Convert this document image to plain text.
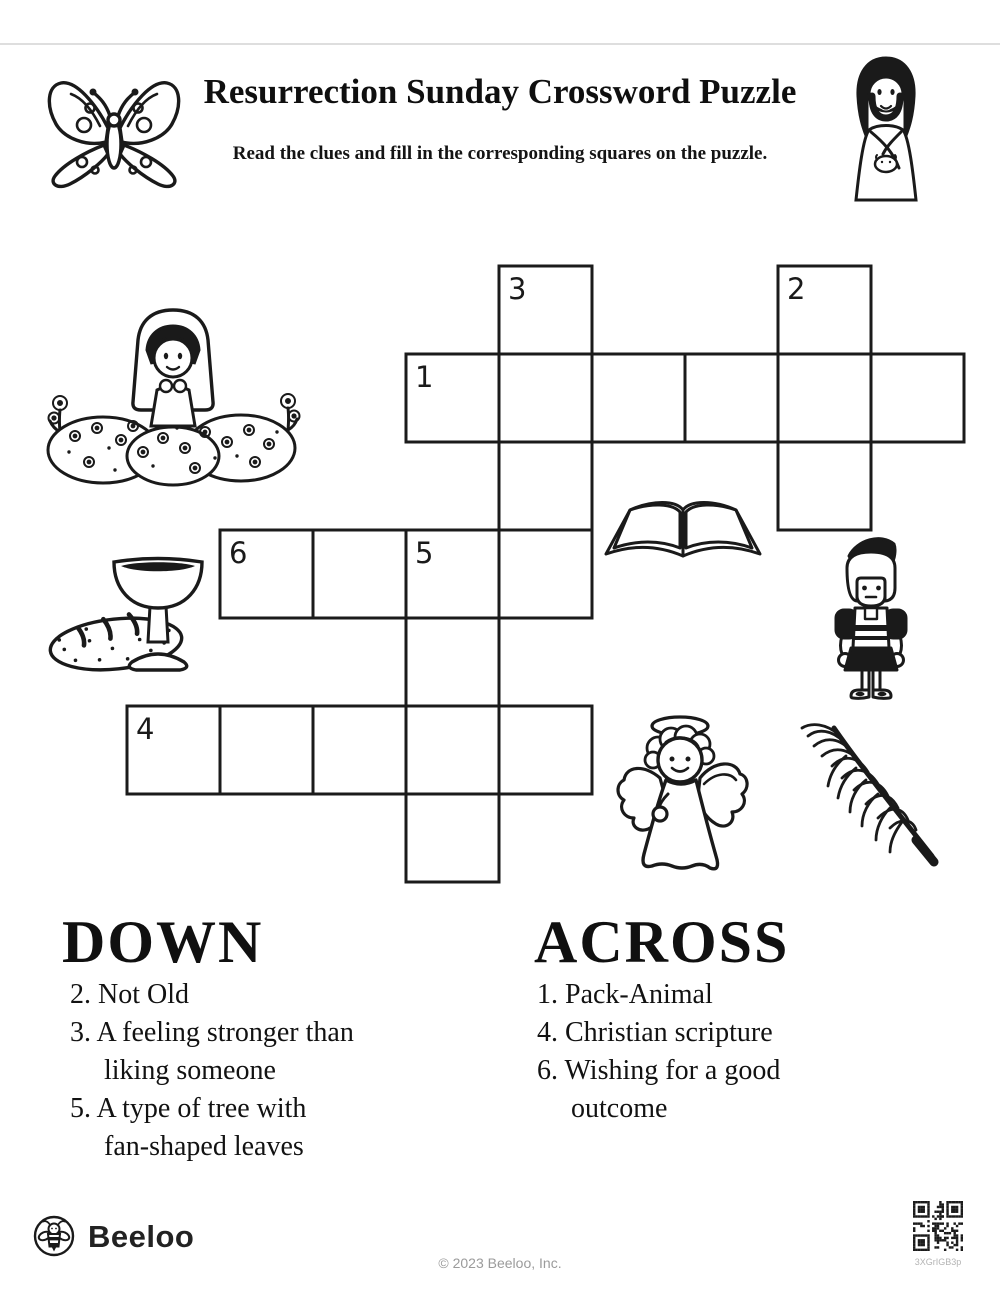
Resurrection Sunday Crossword Puzzle
Read the clues and fill in the corresponding squares on the puzzle.
3	2
1
6	5
4
DOWN	ACROSS
2. Not Old
3. A feeling stronger than
liking someone
5. A type of tree with
fan-shaped leaves
1. Pack-Animal
4. Christian scripture
6. Wishing for a good
outcome
Beeloo
© 2023 Beeloo, Inc.	3XGrIGB3p
